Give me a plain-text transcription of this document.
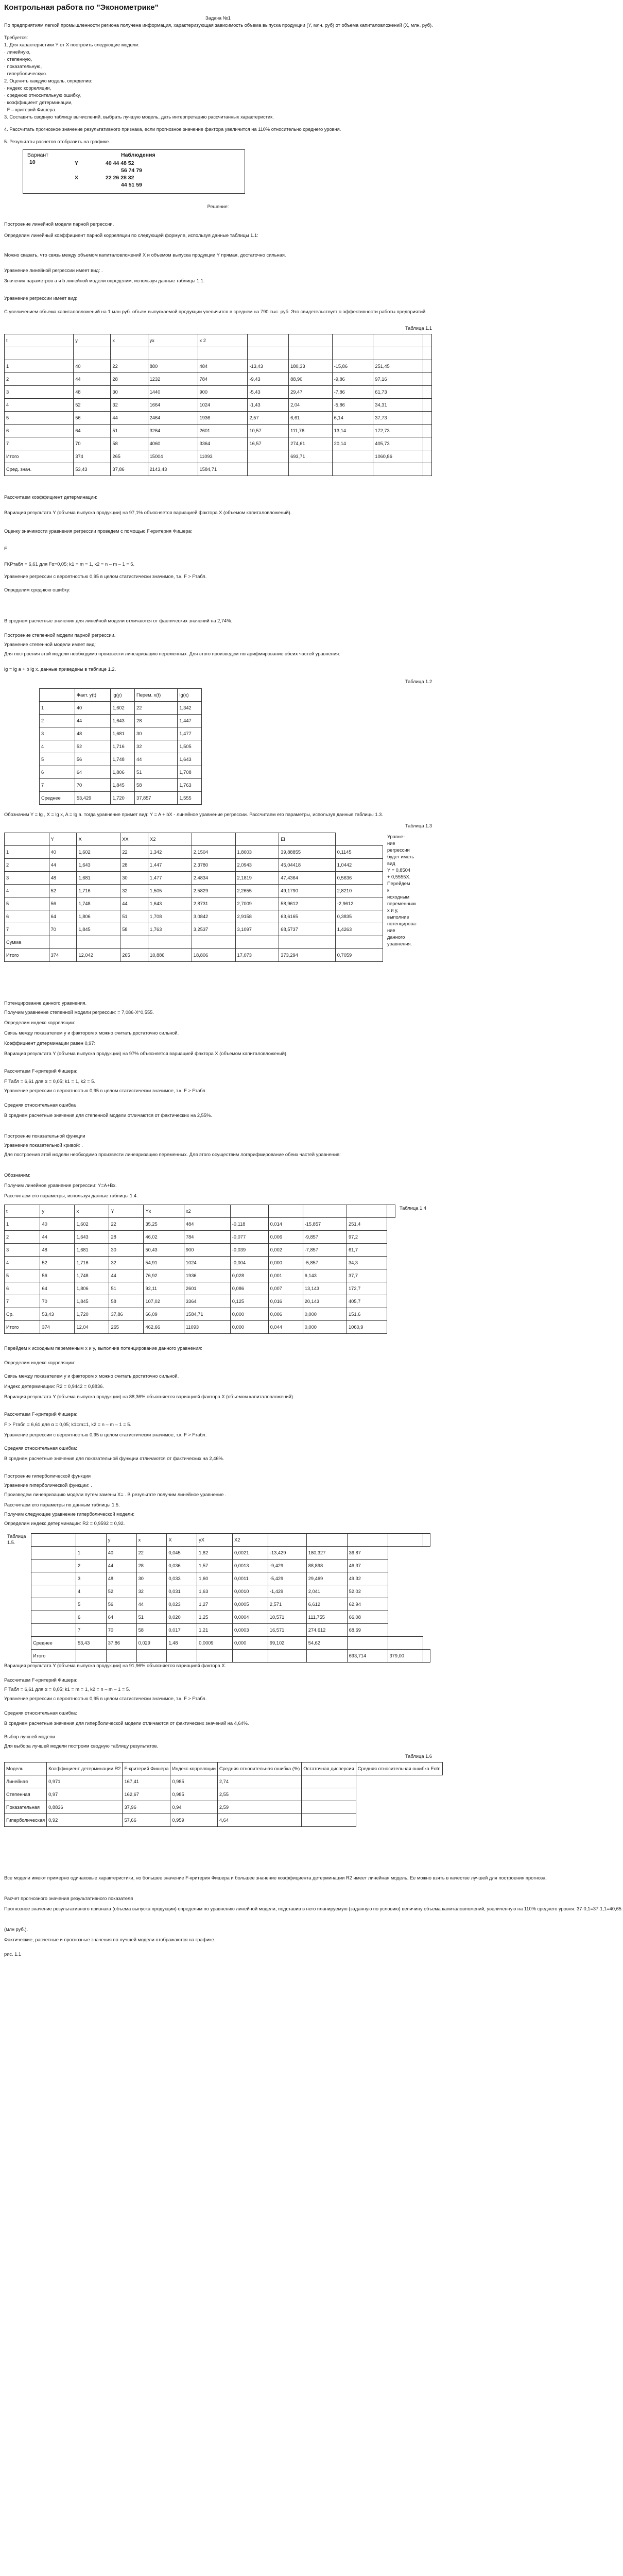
Контрольная работа по "Эконометрике"
Задача №1
По предприятиям легкой промышленности региона получена информация, характеризующая зависимость объема выпуска продукции (Y, млн. руб) от объема капиталовложений (X, млн. руб).
Требуется:
1. Для характеристики Y от X построить следующие модели:
· линейную,
· степенную,
· показательную,
· гиперболическую.
2. Оценить каждую модель, определив:
· индекс корреляции,
· среднюю относительную ошибку,
· коэффициент детерминации,
· F – критерий Фишера.
3. Составить сводную таблицу вычислений, выбрать лучшую модель, дать интерпретацию рассчитанных характеристик.
4. Рассчитать прогнозное значение результативного признака, если прогнозное значение фактора увеличится на 110% относительно среднего уровня.
5. Результаты расчетов отобразить на графике.
Вариант
10
Наблюдения
Y	40 44 48 52
56 74 79
X	22 26 28 32
44 51 59
Решение:
Построение линейной модели парной регрессии.
Определим линейный коэффициент парной корреляции по следующей формуле, используя данные таблицы 1.1:
Можно сказать, что связь между объемом капиталовложений X и объемом выпуска продукции Y прямая, достаточно сильная.
Уравнение линейной регрессии имеет вид: .
Значения параметров a и b линейной модели определим, используя данные таблицы 1.1.
Уравнение регрессии имеет вид:
С увеличением объема капиталовложений на 1 млн руб. объем выпускаемой продукции увеличится в среднем на 790 тыс. руб. Это свидетельствует о эффективности работы предприятий.
Таблица 1.1
t	y	x	yx	x 2					

1	40	22	880	484	-13,43	180,33	-15,86	251,45	
2	44	28	1232	784	-9,43	88,90	-9,86	97,16	
3	48	30	1440	900	-5,43	29,47	-7,86	61,73	
4	52	32	1664	1024	-1,43	2,04	-5,86	34,31	
5	56	44	2464	1936	2,57	6,61	6,14	37,73	
6	64	51	3264	2601	10,57	111,76	13,14	172,73	
7	70	58	4060	3364	16,57	274,61	20,14	405,73	
Итого	374	265	15004	11093		693,71		1060,86	
Сред. знач.	53,43	37,86	2143,43	1584,71					
Рассчитаем коэффициент детерминации:
Вариация результата Y (объема выпуска продукции) на 97,1% объясняется вариацией фактора X (объемом капиталовложений).
Оценку значимости уравнения регрессии проведем с помощью F-критерия Фишера:
F
FКРтабл = 6,61 для Fα=0,05; k1 = m = 1, k2 = n – m – 1 = 5.
Уравнение регрессии с вероятностью 0,95 в целом статистически значимое, т.к. F > Fтабл.
Определим среднюю ошибку:
В среднем расчетные значения для линейной модели отличаются от фактических значений на 2,74%.
Построение степенной модели парной регрессии.
Уравнение степенной модели имеет вид:
Для построения этой модели необходимо произвести линеаризацию переменных. Для этого произведем логарифмирование обеих частей уравнения:
lg = lg a + b lg x. данные приведены в таблице 1.2.
Таблица 1.2
	Факт. y(t)	lg(y)	Перем. x(t)	lg(x)
1	40	1,602	22	1,342
2	44	1,643	28	1,447
3	48	1,681	30	1,477
4	52	1,716	32	1,505
5	56	1,748	44	1,643
6	64	1,806	51	1,708
7	70	1,845	58	1,763
Среднее	53,429	1,720	37,857	1,555
Обозначим Y = lg , X = lg x, A = lg a. тогда уравнение примет вид: Y = A + bX - линейное уравнение регрессии. Рассчитаем его параметры, используя данные таблицы 1.3.
Таблица 1.3
	Y	X	XX	X2			Ei	
1	40	1,602	22	1,342	2,1504	1,8003	39,88855	0,1145
2	44	1,643	28	1,447	2,3780	2,0943	45,04418	1,0442
3	48	1,681	30	1,477	2,4834	2,1819	47,4364	0,5636
4	52	1,716	32	1,505	2,5829	2,2655	49,1790	2,8210
5	56	1,748	44	1,643	2,8731	2,7009	58,9612	-2,9612
6	64	1,806	51	1,708	3,0842	2,9158	63,6165	0,3835
7	70	1,845	58	1,763	3,2537	3,1097	68,5737	1,4263
Сумма								
Итого	374	12,042	265	10,886	18,806	17,073	373,294	0,7059
Уравне-
ние
регрессии
будет иметь
вид
Y = 0,8504
+ 0,5555X.
Перейдем
к
исходным
переменным
x и y,
выполнив
потенцирова-
ние
данного
уравнения.
Потенцирование данного уравнения.
Получим уравнение степенной модели регрессии: = 7,086·X^0,555.
Определим индекс корреляции:
Связь между показателем y и фактором x можно считать достаточно сильной.
Коэффициент детерминации равен 0,97:
Вариация результата Y (объема выпуска продукции) на 97% объясняется вариацией фактора X (объемом капиталовложений).
Рассчитаем F-критерий Фишера:
F Табл = 6,61 для α = 0,05; k1 = 1, k2 = 5.
Уравнение регрессии с вероятностью 0,95 в целом статистически значимое, т.к. F > Fтабл.
Средняя относительная ошибка
В среднем расчетные значения для степенной модели отличаются от фактических на 2,55%.
Построение показательной функции
Уравнение показательной кривой: .
Для построения этой модели необходимо произвести линеаризацию переменных. Для этого осуществим логарифмирование обеих частей уравнения:
Обозначим:
Получим линейное уравнение регрессии: Y=A+Bx.
Рассчитаем его параметры, используя данные таблицы 1.4.
t	y	x	Y	Yx	x2					
1	40	1,602	22	35,25	484	-0,118	0,014	-15,857	251,4	
2	44	1,643	28	46,02	784	-0,077	0,006	-9,857	97,2	
3	48	1,681	30	50,43	900	-0,039	0,002	-7,857	61,7	
4	52	1,716	32	54,91	1024	-0,004	0,000	-5,857	34,3	
5	56	1,748	44	76,92	1936	0,028	0,001	6,143	37,7	
6	64	1,806	51	92,11	2601	0,086	0,007	13,143	172,7	
7	70	1,845	58	107,02	3364	0,125	0,016	20,143	405,7	
Ср.	53,43	1,720	37,86	66,09	1584,71	0,000	0,006	0,000	151,6	
Итого	374	12,04	265	462,66	11093	0,000	0,044	0,000	1060,9	
Таблица 1.4
Перейдем к исходным переменным x и y, выполнив потенцирование данного уравнения:
Определим индекс корреляции:
Связь между показателем y и фактором x можно считать достаточно сильной.
Индекс детерминации: R2 = 0,9442 = 0,8836.
Вариация результата Y (объема выпуска продукции) на 88,36% объясняется вариацией фактора X (объемом капиталовложений).
Рассчитаем F-критерий Фишера:
F > Fтабл = 6,61 для α = 0,05; k1=m=1, k2 = n – m – 1 = 5.
Уравнение регрессии с вероятностью 0,95 в целом статистически значимое, т.к. F > Fтабл.
Средняя относительная ошибка:
В среднем расчетные значения для показательной функции отличаются от фактических на 2,46%.
Построение гиперболической функции
Уравнение гиперболической функции: .
Произведем линеаризацию модели путем замены X= . В результате получим линейное уравнение .
Рассчитаем его параметры по данным таблицы 1.5.
Получим следующее уравнение гиперболической модели:
Определим индекс детерминации: R2 = 0,9592 = 0,92.
Таблица 1.5.
			y	x	X	yX	X2					
	1	40	22	0,045	1,82	0,0021	-13,429	180,327	36,87		
	2	44	28	0,036	1,57	0,0013	-9,429	88,898	46,37		
	3	48	30	0,033	1,60	0,0011	-5,429	29,469	49,32		
	4	52	32	0,031	1,63	0,0010	-1,429	2,041	52,02		
	5	56	44	0,023	1,27	0,0005	2,571	6,612	62,94		
	6	64	51	0,020	1,25	0,0004	10,571	111,755	66,08		
	7	70	58	0,017	1,21	0,0003	16,571	274,612	68,69		
Среднее	53,43	37,86	0,029	1,48	0,0009	0,000	99,102	54,62			
Итого									693,714	379,00	
Вариация результата Y (объема выпуска продукции) на 91,96% объясняется вариацией фактора X.
Рассчитаем F-критерий Фишера:
F Табл = 6,61 для α = 0,05; k1 = m = 1, k2 = n – m – 1 = 5.
Уравнение регрессии с вероятностью 0,95 в целом статистически значимое, т.к. F > Fтабл.
Средняя относительная ошибка:
В среднем расчетные значения для гиперболической модели отличаются от фактических значений на 4,64%.
Выбор лучшей модели
Для выбора лучшей модели построим сводную таблицу результатов.
Таблица 1.6
Модель	Коэффициент детерминации R2	F-критерий Фишера	Индекс корреляции	Средняя относительная ошибка (%)	Остаточная дисперсия	Средняя относительная ошибка Eotn
Линейная	0,971	167,41	0,985	2,74		
Степенная	0,97	162,67	0,985	2,55		
Показательная	0,8836	37,96	0,94	2,59		
Гиперболическая	0,92	57,66	0,959	4,64		
Все модели имеют примерно одинаковые характеристики, но большее значение F-критерия Фишера и большее значение коэффициента детерминации R2 имеет линейная модель. Ее можно взять в качестве лучшей для построения прогноза.
Расчет прогнозного значения результативного показателя
Прогнозное значение результативного признака (объема выпуска продукции) определим по уравнению линейной модели, подставив в него планируемую (заданную по условию) величину объема капиталовложений, увеличенную на 110% среднего уровня: 37·0,1=37·1,1=40,65:
(млн руб.).
Фактические, расчетные и прогнозные значения по лучшей модели отображаются на графике.
рис. 1.1
